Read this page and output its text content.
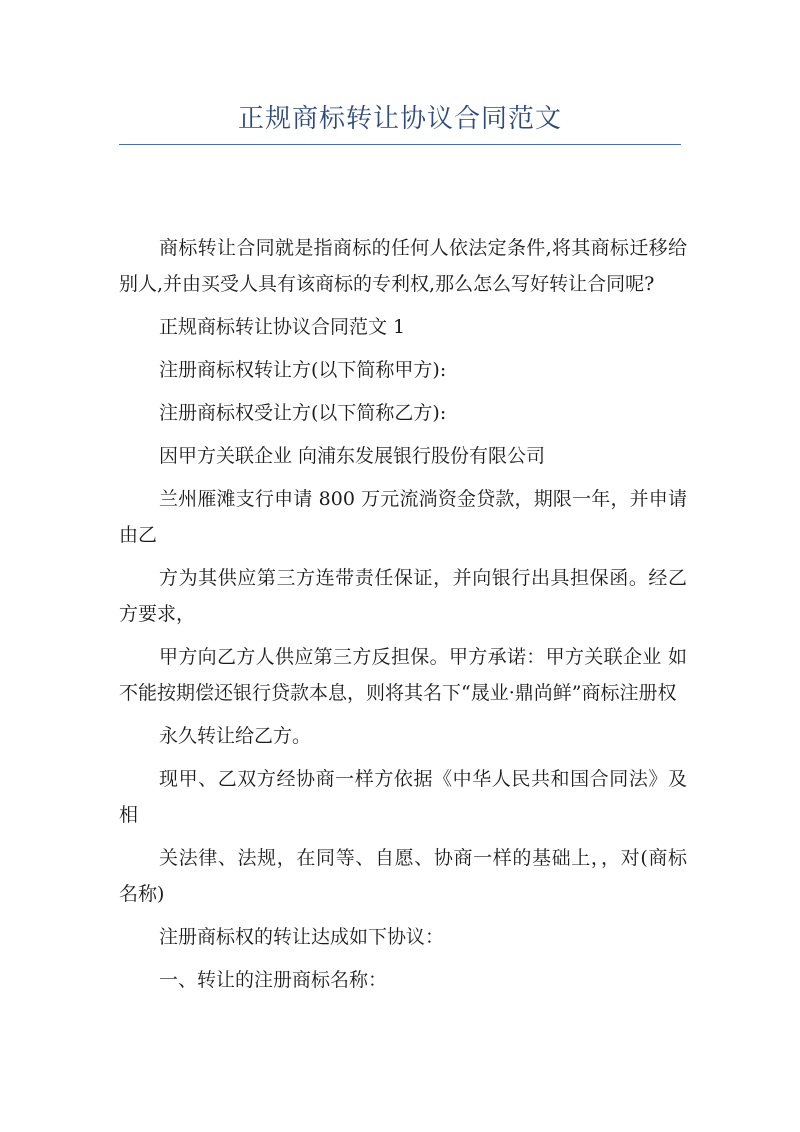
正规商标转让协议合同范文

商标转让合同就是指商标的任何人依法定条件,将其商标迁移给别人,并由买受人具有该商标的专利权,那么怎么写好转让合同呢?

正规商标转让协议合同范文 1

注册商标权转让方(以下简称甲方):

注册商标权受让方(以下简称乙方):

因甲方关联企业 向浦东发展银行股份有限公司

兰州雁滩支行申请 800 万元流淌资金贷款，期限一年，并申请由乙

方为其供应第三方连带责任保证，并向银行出具担保函。经乙方要求，

甲方向乙方人供应第三方反担保。甲方承诺：甲方关联企业 如不能按期偿还银行贷款本息，则将其名下“晟业·鼎尚鲜”商标注册权

永久转让给乙方。

现甲、乙双方经协商一样方依据《中华人民共和国合同法》及相

关法律、法规，在同等、自愿、协商一样的基础上，，对(商标名称)

注册商标权的转让达成如下协议：

一、转让的注册商标名称：
